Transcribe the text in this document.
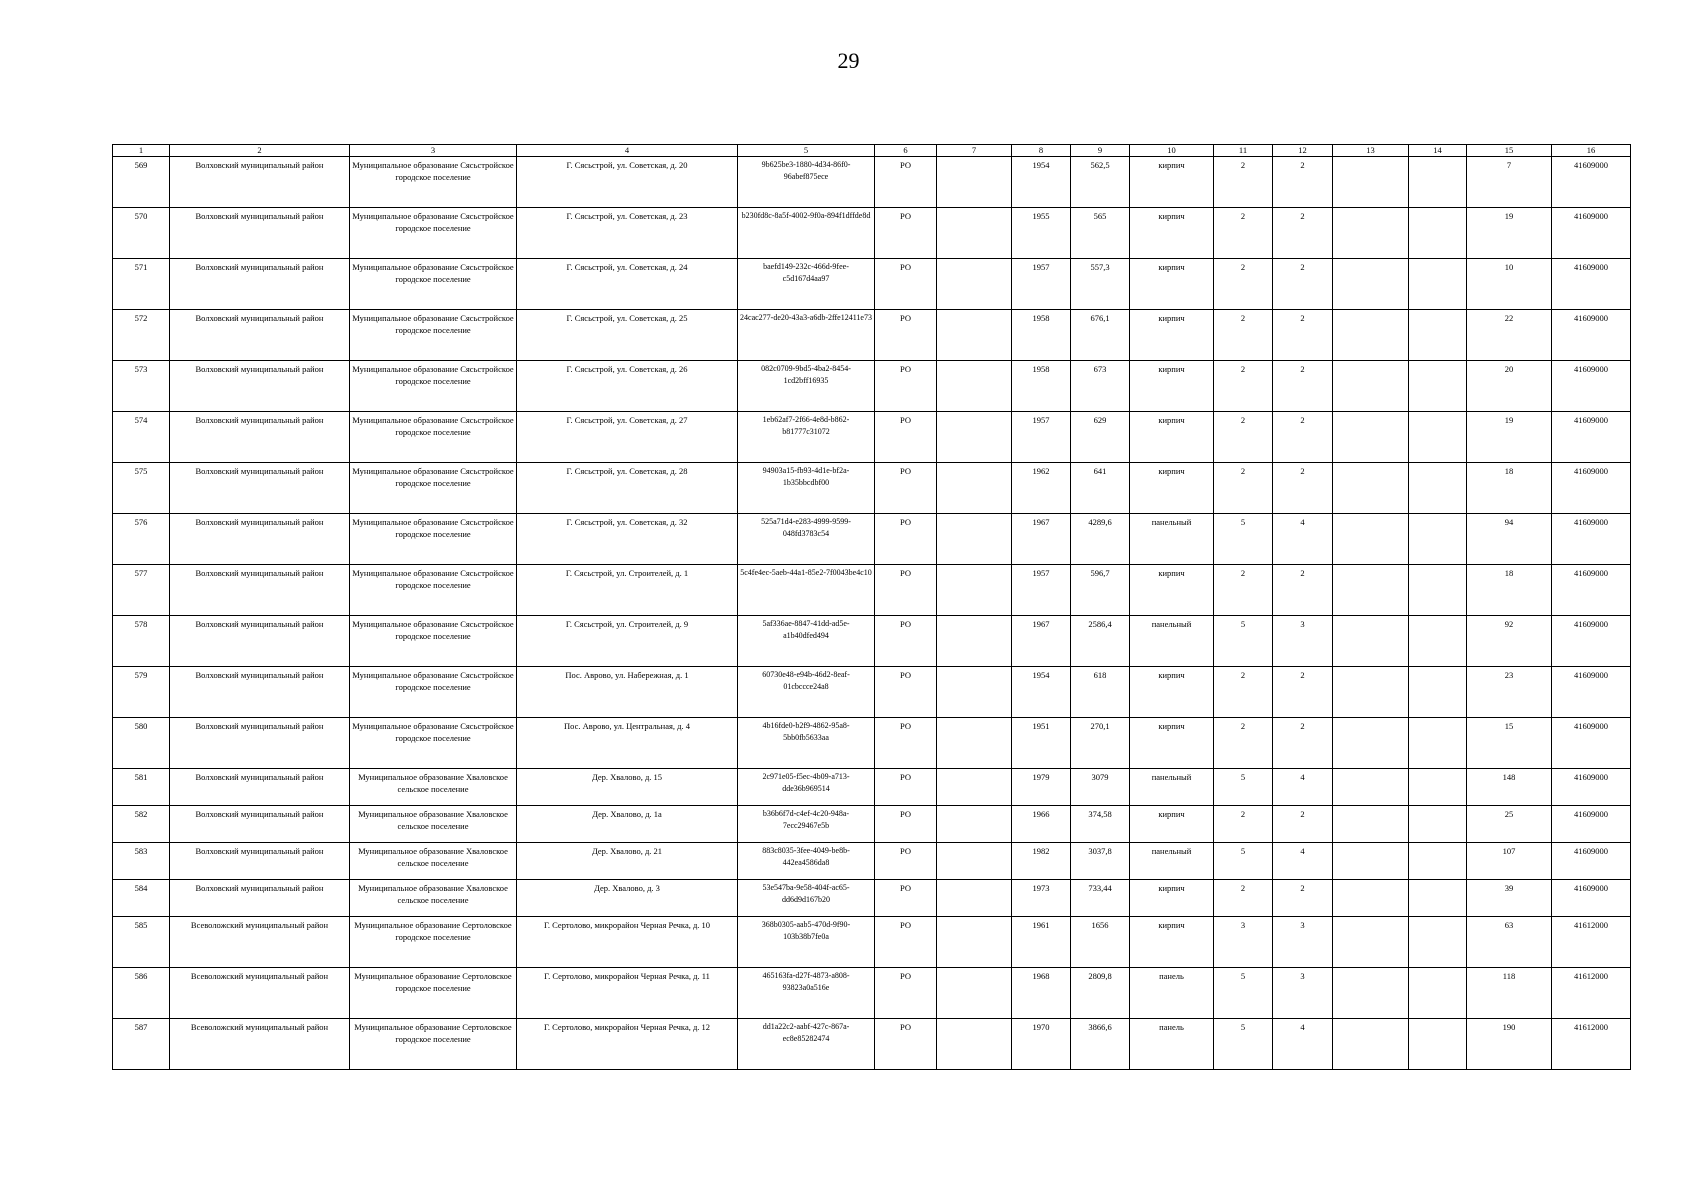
29
1	2	3	4	5	6	7	8	9	10	11	12	13	14	15	16
569	Волховский муниципальный район	Муниципальное образование Сясьстройское городское поселение	Г. Сясьстрой, ул. Советская, д. 20	9b625be3-1880-4d34-86f0-96abef875ece	РО		1954	562,5	кирпич	2	2			7	41609000
570	Волховский муниципальный район	Муниципальное образование Сясьстройское городское поселение	Г. Сясьстрой, ул. Советская, д. 23	b230fd8c-8a5f-4002-9f0a-894f1dffde8d	РО		1955	565	кирпич	2	2			19	41609000
571	Волховский муниципальный район	Муниципальное образование Сясьстройское городское поселение	Г. Сясьстрой, ул. Советская, д. 24	baefd149-232c-466d-9fee-c5d167d4aa97	РО		1957	557,3	кирпич	2	2			10	41609000
572	Волховский муниципальный район	Муниципальное образование Сясьстройское городское поселение	Г. Сясьстрой, ул. Советская, д. 25	24cac277-de20-43a3-a6db-2ffe12411e73	РО		1958	676,1	кирпич	2	2			22	41609000
573	Волховский муниципальный район	Муниципальное образование Сясьстройское городское поселение	Г. Сясьстрой, ул. Советская, д. 26	082c0709-9bd5-4ba2-8454-1cd2bff16935	РО		1958	673	кирпич	2	2			20	41609000
574	Волховский муниципальный район	Муниципальное образование Сясьстройское городское поселение	Г. Сясьстрой, ул. Советская, д. 27	1eb62af7-2f66-4e8d-b862-b81777c31072	РО		1957	629	кирпич	2	2			19	41609000
575	Волховский муниципальный район	Муниципальное образование Сясьстройское городское поселение	Г. Сясьстрой, ул. Советская, д. 28	94903a15-fb93-4d1e-bf2a-1b35bbcdbf00	РО		1962	641	кирпич	2	2			18	41609000
576	Волховский муниципальный район	Муниципальное образование Сясьстройское городское поселение	Г. Сясьстрой, ул. Советская, д. 32	525a71d4-e283-4999-9599-048fd3783c54	РО		1967	4289,6	панельный	5	4			94	41609000
577	Волховский муниципальный район	Муниципальное образование Сясьстройское городское поселение	Г. Сясьстрой, ул. Строителей, д. 1	5c4fe4ec-5aeb-44a1-85e2-7f0043be4c10	РО		1957	596,7	кирпич	2	2			18	41609000
578	Волховский муниципальный район	Муниципальное образование Сясьстройское городское поселение	Г. Сясьстрой, ул. Строителей, д. 9	5af336ae-8847-41dd-ad5e-a1b40dfed494	РО		1967	2586,4	панельный	5	3			92	41609000
579	Волховский муниципальный район	Муниципальное образование Сясьстройское городское поселение	Пос. Аврово, ул. Набережная, д. 1	60730e48-e94b-46d2-8eaf-01cbccce24a8	РО		1954	618	кирпич	2	2			23	41609000
580	Волховский муниципальный район	Муниципальное образование Сясьстройское городское поселение	Пос. Аврово, ул. Центральная, д. 4	4b16fde0-b2f9-4862-95a8-5bb0fb5633aa	РО		1951	270,1	кирпич	2	2			15	41609000
581	Волховский муниципальный район	Муниципальное образование Хваловское сельское поселение	Дер. Хвалово, д. 15	2c971e05-f5ec-4b09-a713-dde36b969514	РО		1979	3079	панельный	5	4			148	41609000
582	Волховский муниципальный район	Муниципальное образование Хваловское сельское поселение	Дер. Хвалово, д. 1а	b36b6f7d-c4ef-4c20-948a-7ecc29467e5b	РО		1966	374,58	кирпич	2	2			25	41609000
583	Волховский муниципальный район	Муниципальное образование Хваловское сельское поселение	Дер. Хвалово, д. 21	883c8035-3fee-4049-be8b-442ea4586da8	РО		1982	3037,8	панельный	5	4			107	41609000
584	Волховский муниципальный район	Муниципальное образование Хваловское сельское поселение	Дер. Хвалово, д. 3	53e547ba-9e58-404f-ac65-dd6d9d167b20	РО		1973	733,44	кирпич	2	2			39	41609000
585	Всеволожский муниципальный район	Муниципальное образование Сертоловское городское поселение	Г. Сертолово, микрорайон Черная Речка, д. 10	368b0305-aab5-470d-9f90-103b38b7fe0a	РО		1961	1656	кирпич	3	3			63	41612000
586	Всеволожский муниципальный район	Муниципальное образование Сертоловское городское поселение	Г. Сертолово, микрорайон Черная Речка, д. 11	465163fa-d27f-4873-a808-93823a0a516e	РО		1968	2809,8	панель	5	3			118	41612000
587	Всеволожский муниципальный район	Муниципальное образование Сертоловское городское поселение	Г. Сертолово, микрорайон Черная Речка, д. 12	dd1a22c2-aabf-427c-867a-ec8e85282474	РО		1970	3866,6	панель	5	4			190	41612000
